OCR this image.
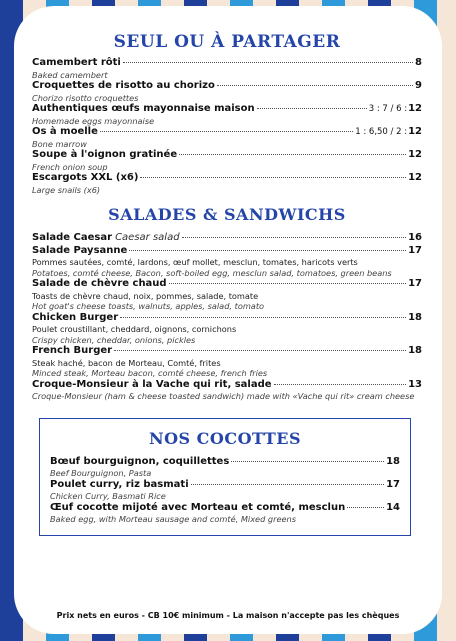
SEUL OU À PARTAGER
Camembert rôti	8
Baked camembert
Croquettes de risotto au chorizo	9
Chorizo risotto croquettes
Authentiques œufs mayonnaise maison	3 : 7 / 6 : 12
Homemade eggs mayonnaise
Os à moelle	1 : 6,50 / 2 : 12
Bone marrow
Soupe à l'oignon gratinée	12
French onion soup
Escargots XXL (x6)	12
Large snails (x6)
SALADES & SANDWICHS
Salade Caesar Caesar salad	16
Salade Paysanne	17
Pommes sautées, comté, lardons, œuf mollet, mesclun, tomates, haricots verts
Potatoes, comté cheese, Bacon, soft-boiled egg, mesclun salad, tomatoes, green beans
Salade de chèvre chaud	17
Toasts de chèvre chaud, noix, pommes, salade, tomate
Hot goat's cheese toasts, walnuts, apples, salad, tomato
Chicken Burger	18
Poulet croustillant, cheddard, oignons, cornichons
Crispy chicken, cheddar, onions, pickles
French Burger	18
Steak haché, bacon de Morteau, Comté, frites
Minced steak, Morteau bacon, comté cheese, french fries
Croque-Monsieur à la Vache qui rit, salade	13
Croque-Monsieur (ham & cheese toasted sandwich) made with «Vache qui rit» cream cheese
NOS COCOTTES
Bœuf bourguignon, coquillettes	18
Beef Bourguignon, Pasta
Poulet curry, riz basmati	17
Chicken Curry, Basmati Rice
Œuf cocotte mijoté avec Morteau et comté, mesclun	14
Baked egg, with Morteau sausage and comté, Mixed greens
Prix nets en euros - CB 10€ minimum - La maison n'accepte pas les chèques
